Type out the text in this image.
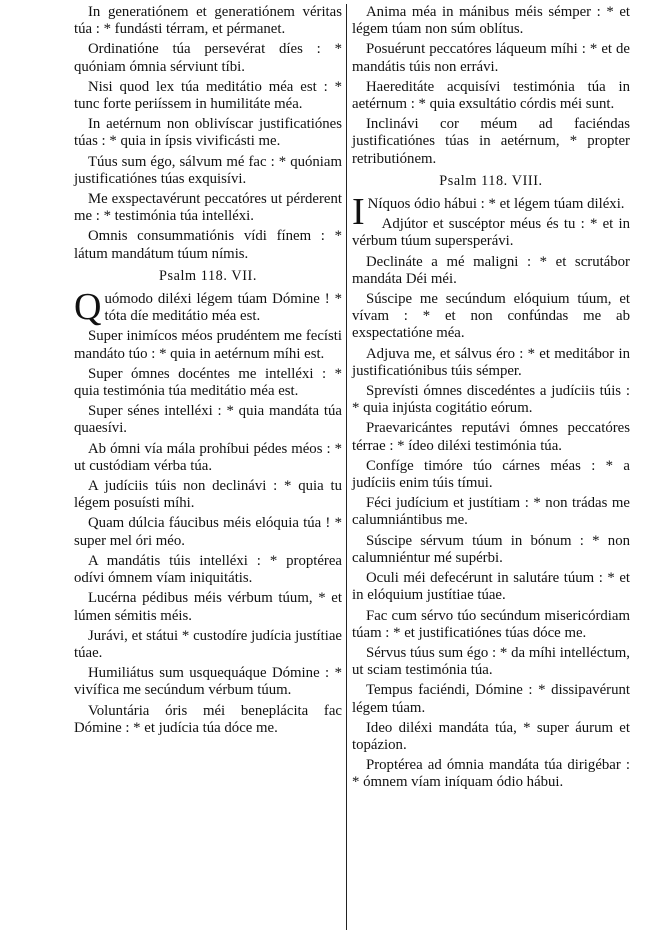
In generatiónem et generatiónem véritas túa : * fundásti térram, et pérmanet.

Ordinatióne túa persevérat díes : * quóniam ómnia sérviunt tíbi.

Nisi quod lex túa meditátio méa est : * tunc forte periíssem in humilitáte méa.

In aetérnum non oblivíscar justificatiónes túas : * quia in ípsis vivificásti me.

Túus sum égo, sálvum mé fac : * quóniam justificatiónes túas exquisívi.

Me exspectavérunt peccatóres ut pérderent me : * testimónia túa intelléxi.

Omnis consummatiónis vídi fínem : * látum mandátum túum nímis.

Psalm 118. VII.

Quómodo diléxi légem túam Dómine ! * tóta díe meditátio méa est.

Super inimícos méos prudéntem me fecísti mandáto túo : * quia in aetérnum míhi est.

Super ómnes docéntes me intelléxi : * quia testimónia túa meditátio méa est.

Super sénes intelléxi : * quia mandáta túa quaesívi.

Ab ómni vía mála prohíbui pédes méos : * ut custódiam vérba túa.

A judíciis túis non declinávi : * quia tu légem posuísti míhi.

Quam dúlcia fáucibus méis elóquia túa ! * super mel óri méo.

A mandátis túis intelléxi : * proptérea odívi ómnem víam iniquitátis.

Lucérna pédibus méis vérbum túum, * et lúmen sémitis méis.

Jurávi, et státui * custodíre judícia justítiae túae.

Humiliátus sum usquequáque Dómine : * vivífica me secúndum vérbum túum.

Voluntária óris méi beneplácita fac Dómine : * et judícia túa dóce me.

Anima méa in mánibus méis sémper : * et légem túam non súm oblítus.

Posuérunt peccatóres láqueum míhi : * et de mandátis túis non errávi.

Haereditáte acquisívi testimónia túa in aetérnum : * quia exsultátio córdis méi sunt.

Inclinávi cor méum ad faciéndas justificatiónes túas in aetérnum, * propter retributiónem.

Psalm 118. VIII.

I Níquos ódio hábui : * et légem túam diléxi.

Adjútor et suscéptor méus és tu : * et in vérbum túum supersperávi.

Declináte a mé maligni : * et scrutábor mandáta Déi méi.

Súscipe me secúndum elóquium túum, et vívam : * et non confúndas me ab exspectatióne méa.

Adjuva me, et sálvus éro : * et meditábor in justificatiónibus túis sémper.

Sprevísti ómnes discedéntes a judíciis túis : * quia injústa cogitátio eórum.

Praevaricántes reputávi ómnes peccatóres térrae : * ídeo diléxi testimónia túa.

Confíge timóre túo cárnes méas : * a judíciis enim túis tímui.

Féci judícium et justítiam : * non trádas me calumniántibus me.

Súscipe sérvum túum in bónum : * non calumniéntur mé supérbi.

Oculi méi defecérunt in salutáre túum : * et in elóquium justítiae túae.

Fac cum sérvo túo secúndum misericórdiam túam : * et justificatiónes túas dóce me.

Sérvus túus sum égo : * da míhi intelléctum, ut sciam testimónia túa.

Tempus faciéndi, Dómine : * dissipavérunt légem túam.

Ideo diléxi mandáta túa, * super áurum et topázion.

Proptérea ad ómnia mandáta túa dirigébar : * ómnem víam iníquam ódio hábui.
